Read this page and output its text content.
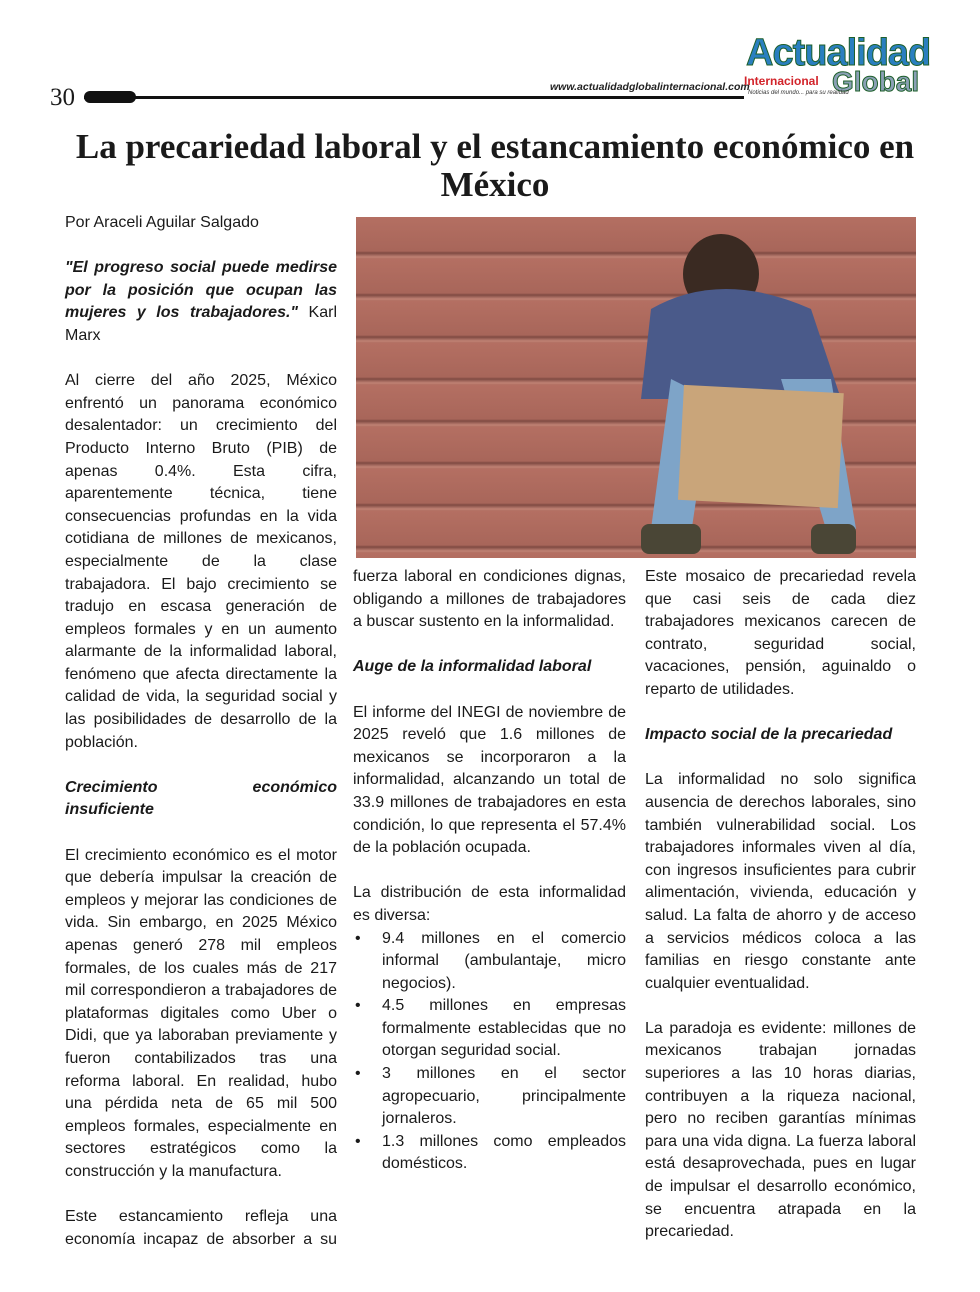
30	www.actualidadglobalinternacional.com
Actualidad
Internacional Global
Noticias del mundo... para su realidad
La precariedad laboral y el estancamiento económico en México

Por Araceli Aguilar Salgado

"El progreso social puede medirse por la posición que ocupan las mujeres y los trabajadores." Karl Marx

Al cierre del año 2025, México enfrentó un panorama económico desalentador: un crecimiento del Producto Interno Bruto (PIB) de apenas 0.4%. Esta cifra, aparentemente técnica, tiene consecuencias profundas en la vida cotidiana de millones de mexicanos, especialmente de la clase trabajadora. El bajo crecimiento se tradujo en escasa generación de empleos formales y en un aumento alarmante de la informalidad laboral, fenómeno que afecta directamente la calidad de vida, la seguridad social y las posibilidades de desarrollo de la población.

Crecimiento económico insuficiente

El crecimiento económico es el motor que debería impulsar la creación de empleos y mejorar las condiciones de vida. Sin embargo, en 2025 México apenas generó 278 mil empleos formales, de los cuales más de 217 mil correspondieron a trabajadores de plataformas digitales como Uber o Didi, que ya laboraban previamente y fueron contabilizados tras una reforma laboral. En realidad, hubo una pérdida neta de 65 mil 500 empleos formales, especialmente en sectores estratégicos como la construcción y la manufactura.

Este estancamiento refleja una economía incapaz de absorber a su

fuerza laboral en condiciones dignas, obligando a millones de trabajadores a buscar sustento en la informalidad.

Auge de la informalidad laboral

El informe del INEGI de noviembre de 2025 reveló que 1.6 millones de mexicanos se incorporaron a la informalidad, alcanzando un total de 33.9 millones de trabajadores en esta condición, lo que representa el 57.4% de la población ocupada.

La distribución de esta informalidad es diversa:

• 9.4 millones en el comercio informal (ambulantaje, micro negocios).
• 4.5 millones en empresas formalmente establecidas que no otorgan seguridad social.
• 3 millones en el sector agropecuario, principalmente jornaleros.
• 1.3 millones como empleados domésticos.

Este mosaico de precariedad revela que casi seis de cada diez trabajadores mexicanos carecen de contrato, seguridad social, vacaciones, pensión, aguinaldo o reparto de utilidades.

Impacto social de la precariedad

La informalidad no solo significa ausencia de derechos laborales, sino también vulnerabilidad social. Los trabajadores informales viven al día, con ingresos insuficientes para cubrir alimentación, vivienda, educación y salud. La falta de ahorro y de acceso a servicios médicos coloca a las familias en riesgo constante ante cualquier eventualidad.

La paradoja es evidente: millones de mexicanos trabajan jornadas superiores a las 10 horas diarias, contribuyen a la riqueza nacional, pero no reciben garantías mínimas para una vida digna. La fuerza laboral está desaprovechada, pues en lugar de impulsar el desarrollo económico, se encuentra atrapada en la precariedad.
